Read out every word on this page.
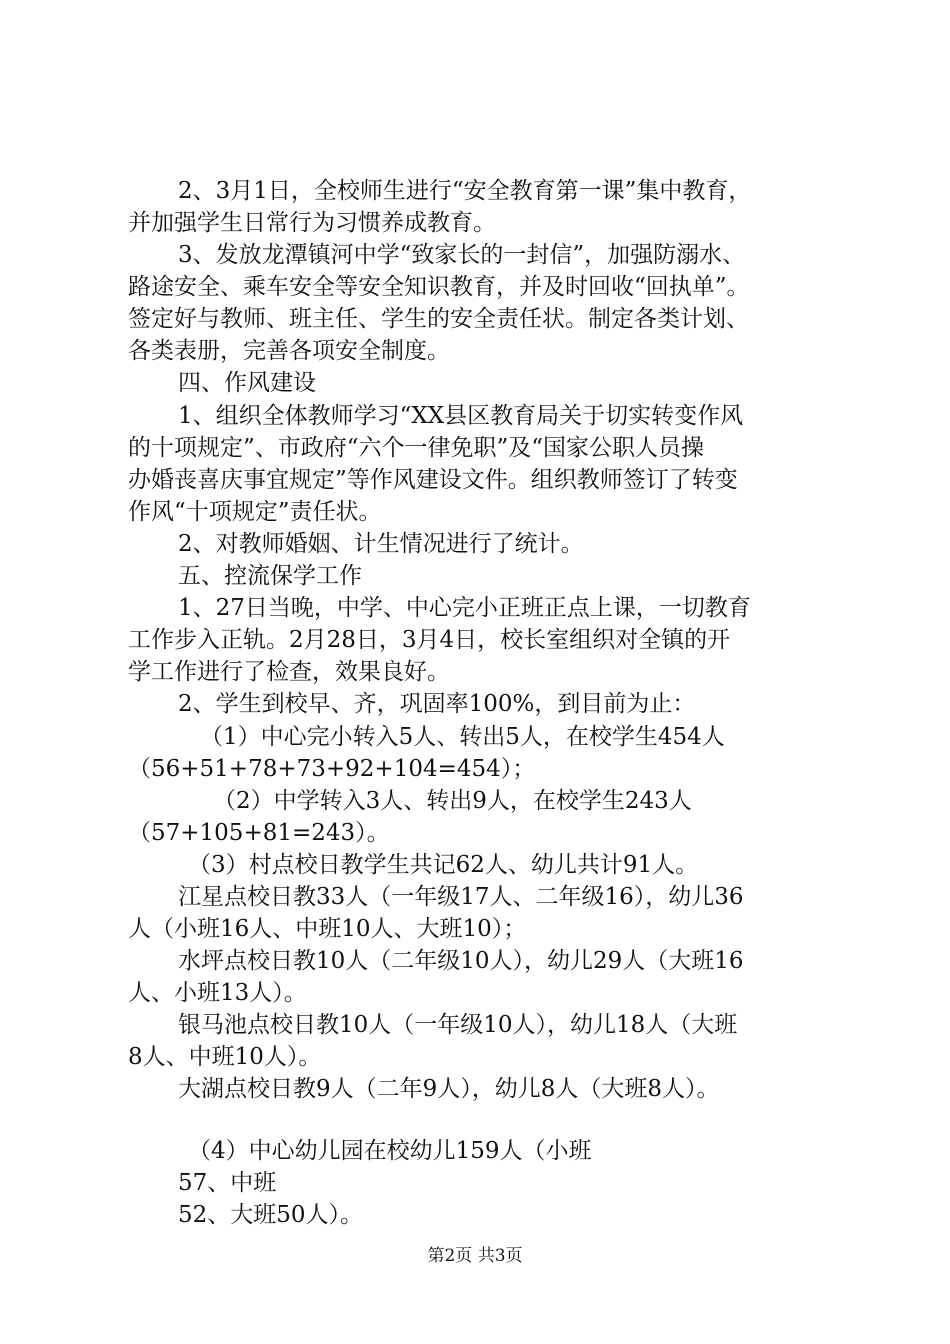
2、3月1日，全校师生进行“安全教育第一课”集中教育，
并加强学生日常行为习惯养成教育。
3、发放龙潭镇河中学“致家长的一封信”，加强防溺水、
路途安全、乘车安全等安全知识教育，并及时回收“回执单”。
签定好与教师、班主任、学生的安全责任状。制定各类计划、
各类表册，完善各项安全制度。
四、作风建设
1、组织全体教师学习“XX县区教育局关于切实转变作风
的十项规定”、市政府“六个一律免职”及“国家公职人员操
办婚丧喜庆事宜规定”等作风建设文件。组织教师签订了转变
作风“十项规定”责任状。
2、对教师婚姻、计生情况进行了统计。
五、控流保学工作
1、27日当晚，中学、中心完小正班正点上课，一切教育
工作步入正轨。2月28日，3月4日，校长室组织对全镇的开
学工作进行了检查，效果良好。
2、学生到校早、齐，巩固率100%，到目前为止：
（1）中心完小转入5人、转出5人，在校学生454人
（56+51+78+73+92+104=454）；
（2）中学转入3人、转出9人，在校学生243人
（57+105+81=243）。
（3）村点校日教学生共记62人、幼儿共计91人。
江星点校日教33人（一年级17人、二年级16），幼儿36
人（小班16人、中班10人、大班10）；
水坪点校日教10人（二年级10人），幼儿29人（大班16
人、小班13人）。
银马池点校日教10人（一年级10人），幼儿18人（大班
8人、中班10人）。
大湖点校日教9人（二年9人），幼儿8人（大班8人）。
（4）中心幼儿园在校幼儿159人（小班
57、中班
52、大班50人）。
第2页 共3页
